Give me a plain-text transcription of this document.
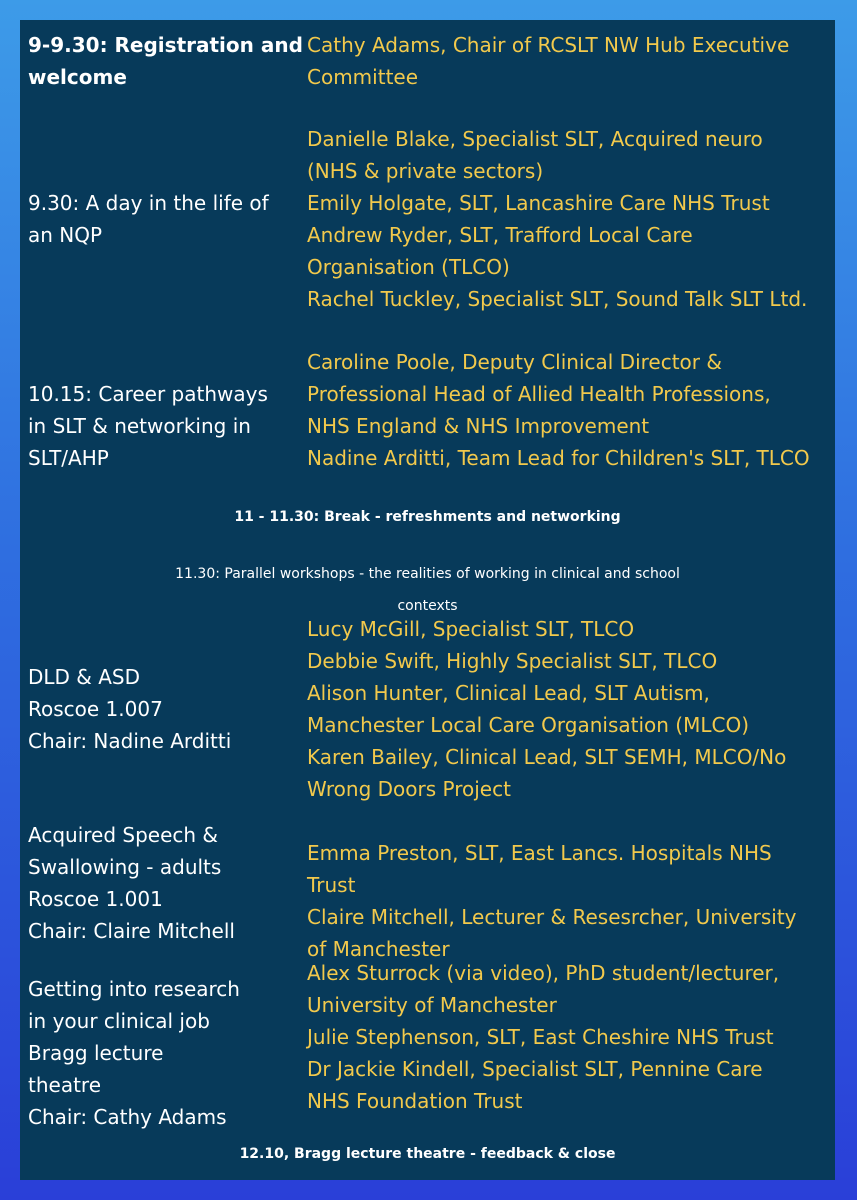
9-9.30: Registration and
welcome
Cathy Adams, Chair of RCSLT NW Hub Executive
Committee
9.30: A day in the life of
an NQP
Danielle Blake, Specialist SLT, Acquired neuro
(NHS & private sectors)
Emily Holgate, SLT, Lancashire Care NHS Trust
Andrew Ryder, SLT, Trafford Local Care
Organisation (TLCO)
Rachel Tuckley, Specialist SLT, Sound Talk SLT Ltd.
10.15: Career pathways
in SLT & networking in
SLT/AHP
Caroline Poole, Deputy Clinical Director &
Professional Head of Allied Health Professions,
NHS England & NHS Improvement
Nadine Arditti, Team Lead for Children's SLT, TLCO
11 - 11.30: Break - refreshments and networking
11.30: Parallel workshops - the realities of working in clinical and school
contexts
DLD & ASD
Roscoe 1.007
Chair: Nadine Arditti
Lucy McGill, Specialist SLT, TLCO
Debbie Swift, Highly Specialist SLT, TLCO
Alison Hunter, Clinical Lead, SLT Autism,
Manchester Local Care Organisation (MLCO)
Karen Bailey, Clinical Lead, SLT SEMH, MLCO/No
Wrong Doors Project
Acquired Speech &
Swallowing - adults
Roscoe 1.001
Chair: Claire Mitchell
Emma Preston, SLT, East Lancs. Hospitals NHS
Trust
Claire Mitchell, Lecturer & Resesrcher, University
of Manchester
Getting into research
in your clinical job
Bragg lecture
theatre
Chair: Cathy Adams
Alex Sturrock (via video), PhD student/lecturer,
University of Manchester
Julie Stephenson, SLT, East Cheshire NHS Trust
Dr Jackie Kindell, Specialist SLT, Pennine Care
NHS Foundation Trust
12.10, Bragg lecture theatre - feedback & close
